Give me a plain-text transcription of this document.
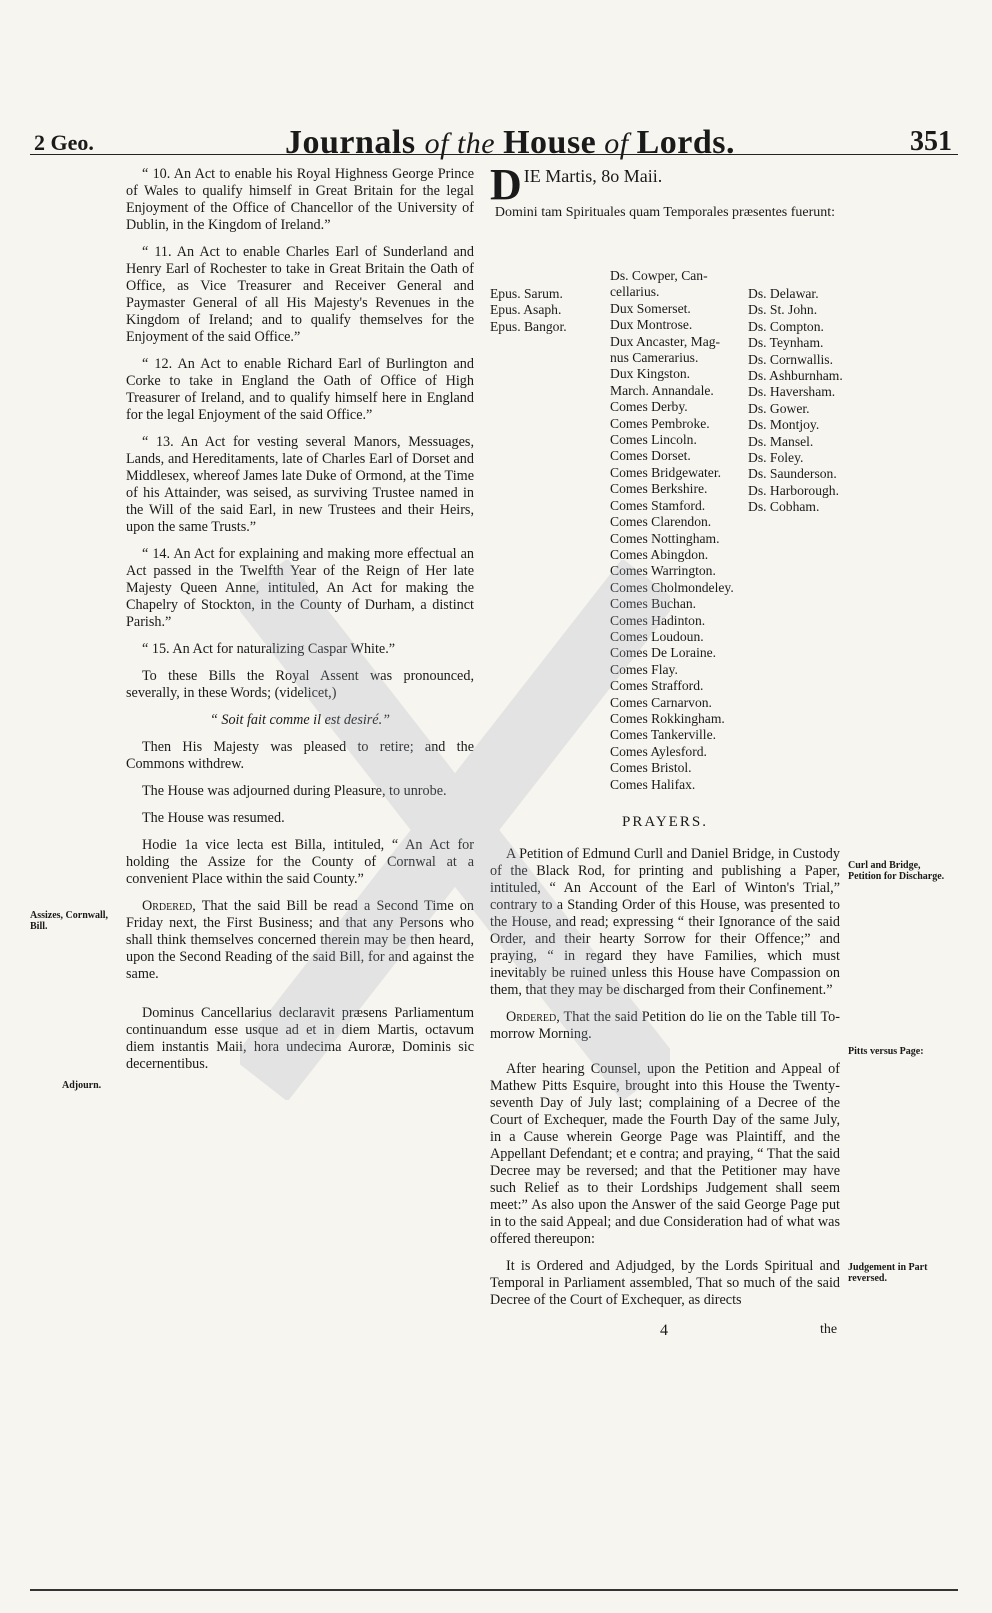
2 Geo.	Journals of the House of Lords.	351

“ 10. An Act to enable his Royal Highness George Prince of Wales to qualify himself in Great Britain for the legal Enjoyment of the Office of Chancellor of the University of Dublin, in the Kingdom of Ireland.”

“ 11. An Act to enable Charles Earl of Sunderland and Henry Earl of Rochester to take in Great Britain the Oath of Office, as Vice Treasurer and Receiver General and Paymaster General of all His Majesty's Revenues in the Kingdom of Ireland; and to qualify themselves for the Enjoyment of the said Office.”

“ 12. An Act to enable Richard Earl of Burlington and Corke to take in England the Oath of Office of High Treasurer of Ireland, and to qualify himself here in England for the legal Enjoyment of the said Office.”

“ 13. An Act for vesting several Manors, Messuages, Lands, and Hereditaments, late of Charles Earl of Dorset and Middlesex, whereof James late Duke of Ormond, at the Time of his Attainder, was seised, as surviving Trustee named in the Will of the said Earl, in new Trustees and their Heirs, upon the same Trusts.”

“ 14. An Act for explaining and making more effectual an Act passed in the Twelfth Year of the Reign of Her late Majesty Queen Anne, intituled, An Act for making the Chapelry of Stockton, in the County of Durham, a distinct Parish.”

“ 15. An Act for naturalizing Caspar White.”

To these Bills the Royal Assent was pronounced, severally, in these Words; (videlicet,)

“ Soit fait comme il est desiré.”

Then His Majesty was pleased to retire; and the Commons withdrew.

The House was adjourned during Pleasure, to unrobe.

The House was resumed.

Hodie 1a vice lecta est Billa, intituled, “ An Act for holding the Assize for the County of Cornwal at a convenient Place within the said County.”

Ordered, That the said Bill be read a Second Time on Friday next, the First Business; and that any Persons who shall think themselves concerned therein may be then heard, upon the Second Reading of the said Bill, for and against the same.

Dominus Cancellarius declaravit præsens Parliamentum continuandum esse usque ad et in diem Martis, octavum diem instantis Maii, hora undecima Auroræ, Dominis sic decernentibus.

Assizes, Cornwall, Bill.
Adjourn.
DIE Martis, 8o Maii.
Domini tam Spirituales quam Temporales præsentes fuerunt:
Epus. Sarum.
Epus. Asaph.
Epus. Bangor.
Ds. Cowper, Can-
cellarius.
Dux Somerset.
Dux Montrose.
Dux Ancaster, Mag-
nus Camerarius.
Dux Kingston.
March. Annandale.
Comes Derby.
Comes Pembroke.
Comes Lincoln.
Comes Dorset.
Comes Bridgewater.
Comes Berkshire.
Comes Stamford.
Comes Clarendon.
Comes Nottingham.
Comes Abingdon.
Comes Warrington.
Comes Cholmondeley.
Comes Buchan.
Comes Hadinton.
Comes Loudoun.
Comes De Loraine.
Comes Flay.
Comes Strafford.
Comes Carnarvon.
Comes Rokkingham.
Comes Tankerville.
Comes Aylesford.
Comes Bristol.
Comes Halifax.
Ds. Delawar.
Ds. St. John.
Ds. Compton.
Ds. Teynham.
Ds. Cornwallis.
Ds. Ashburnham.
Ds. Haversham.
Ds. Gower.
Ds. Montjoy.
Ds. Mansel.
Ds. Foley.
Ds. Saunderson.
Ds. Harborough.
Ds. Cobham.
PRAYERS.

A Petition of Edmund Curll and Daniel Bridge, in Custody of the Black Rod, for printing and publishing a Paper, intituled, “ An Account of the Earl of Winton's Trial,” contrary to a Standing Order of this House, was presented to the House, and read; expressing “ their Ignorance of the said Order, and their hearty Sorrow for their Offence;” and praying, “ in regard they have Families, which must inevitably be ruined unless this House have Compassion on them, that they may be discharged from their Confinement.”

Ordered, That the said Petition do lie on the Table till To-morrow Morning.

After hearing Counsel, upon the Petition and Appeal of Mathew Pitts Esquire, brought into this House the Twenty-seventh Day of July last; complaining of a Decree of the Court of Exchequer, made the Fourth Day of the same July, in a Cause wherein George Page was Plaintiff, and the Appellant Defendant; et e contra; and praying, “ That the said Decree may be reversed; and that the Petitioner may have such Relief as to their Lordships Judgement shall seem meet:” As also upon the Answer of the said George Page put in to the said Appeal; and due Consideration had of what was offered thereupon:

It is Ordered and Adjudged, by the Lords Spiritual and Temporal in Parliament assembled, That so much of the said Decree of the Court of Exchequer, as directs

Curl and Bridge, Petition for Discharge.
Pitts versus Page:
Judgement in Part reversed.
4	the
